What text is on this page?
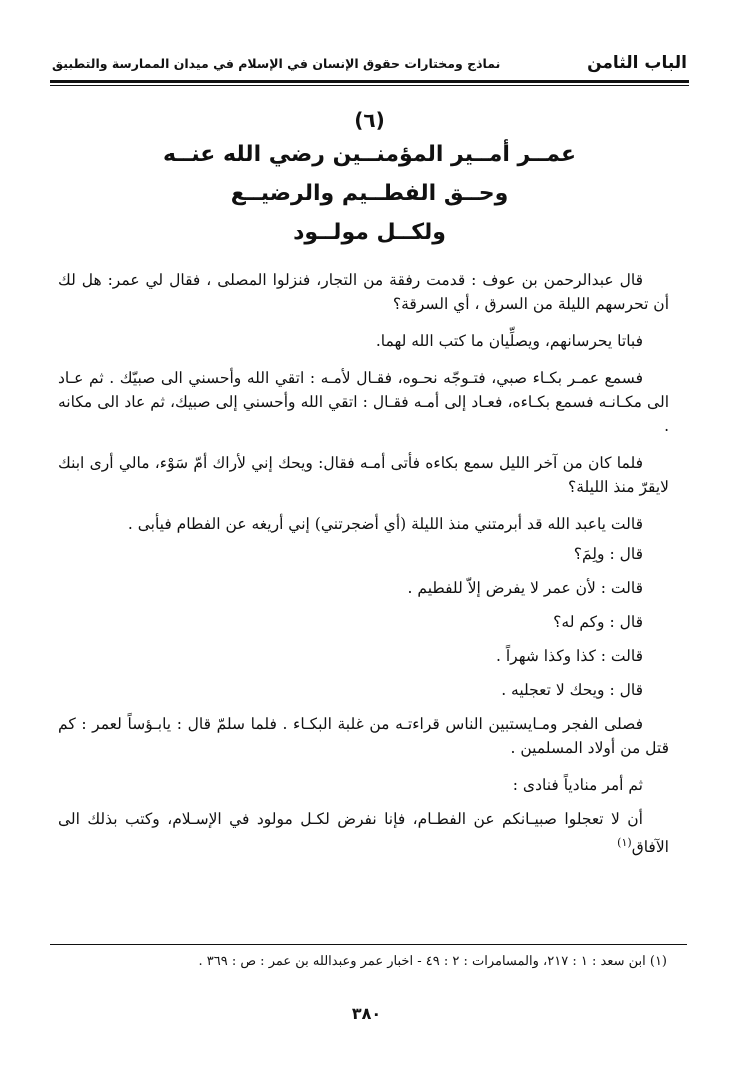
الباب الثامن
نماذج ومختارات حقوق الإنسان في الإسلام في ميدان الممارسة والتطبيق
(٦)
عمــر أمــير المؤمنــين رضي الله عنــه
وحــق الفطــيم والرضيــع
ولكــل مولــود

قال عبدالرحمن بن عوف : قدمت رفقة من التجار، فنزلوا المصلى ، فقال لي عمر: هل لك أن تحرسهم الليلة من السرق ، أي السرقة؟

فباتا يحرسانهم، ويصلِّيان ما كتب الله لهما.

فسمع عمـر بكـاء صبي، فتـوجّه نحـوه، فقـال لأمـه : اتقي الله وأحسني الى صبيّك . ثم عـاد الى مكـانـه فسمع بكـاءه، فعـاد إلى أمـه فقـال : اتقي الله وأحسني إلى صبيك، ثم عاد الى مكانه .

فلما كان من آخر الليل سمع بكاءه فأتى أمـه فقال: ويحك إني لأراك أمّ سَوْء، مالي أرى ابنك لايقرّ منذ الليلة؟

قالت ياعبد الله قد أبرمتني منذ الليلة (أي أضجرتني) إني أريغه عن الفطام فيأبى .

قال : ولِمَ؟

قالت : لأن عمر لا يفرض إلاّ للفطيم .

قال : وكم له؟

قالت : كذا وكذا شهراً .

قال : ويحك لا تعجليه .

فصلى الفجر ومـايستبين الناس قراءتـه من غلبة البكـاء . فلما سلمّ قال : يابـؤساً لعمر : كم قتل من أولاد المسلمين .

ثم أمر منادياً فنادى :

أن لا تعجلوا صبيـانكم عن الفطـام، فإنا نفرض لكـل مولود في الإسـلام، وكتب بذلك الى الآفاق$^{(١)}$

(١) ابن سعد : ١ : ٢١٧، والمسامرات : ٢ : ٤٩ - اخبار عمر وعبدالله بن عمر : ص : ٣٦٩ .
٣٨٠
